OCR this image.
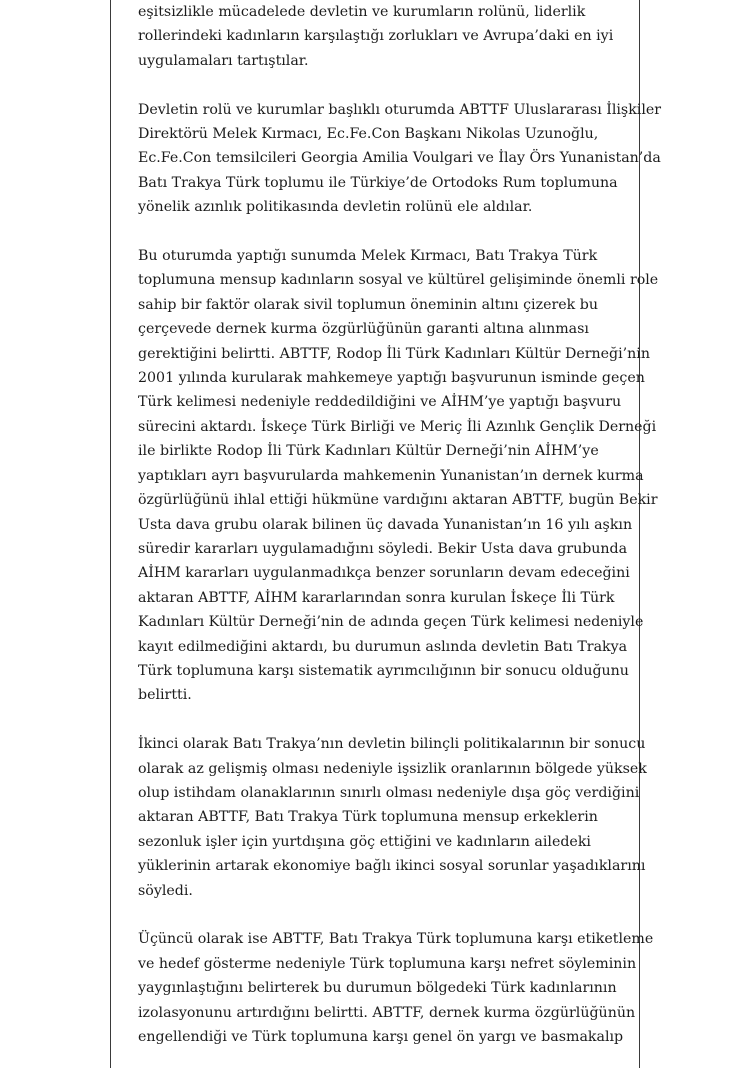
eşitsizlikle mücadelede devletin ve kurumların rolünü, liderlik
rollerindeki kadınların karşılaştığı zorlukları ve Avrupa’daki en iyi
uygulamaları tartıştılar.

Devletin rolü ve kurumlar başlıklı oturumda ABTTF Uluslararası İlişkiler
Direktörü Melek Kırmacı, Ec.Fe.Con Başkanı Nikolas Uzunoğlu,
Ec.Fe.Con temsilcileri Georgia Amilia Voulgari ve İlay Örs Yunanistan’da
Batı Trakya Türk toplumu ile Türkiye’de Ortodoks Rum toplumuna
yönelik azınlık politikasında devletin rolünü ele aldılar.

Bu oturumda yaptığı sunumda Melek Kırmacı, Batı Trakya Türk
toplumuna mensup kadınların sosyal ve kültürel gelişiminde önemli role
sahip bir faktör olarak sivil toplumun öneminin altını çizerek bu
çerçevede dernek kurma özgürlüğünün garanti altına alınması
gerektiğini belirtti. ABTTF, Rodop İli Türk Kadınları Kültür Derneği’nin
2001 yılında kurularak mahkemeye yaptığı başvurunun isminde geçen
Türk kelimesi nedeniyle reddedildiğini ve AİHM’ye yaptığı başvuru
sürecini aktardı. İskeçe Türk Birliği ve Meriç İli Azınlık Gençlik Derneği
ile birlikte Rodop İli Türk Kadınları Kültür Derneği’nin AİHM’ye
yaptıkları ayrı başvurularda mahkemenin Yunanistan’ın dernek kurma
özgürlüğünü ihlal ettiği hükmüne vardığını aktaran ABTTF, bugün Bekir
Usta dava grubu olarak bilinen üç davada Yunanistan’ın 16 yılı aşkın
süredir kararları uygulamadığını söyledi. Bekir Usta dava grubunda
AİHM kararları uygulanmadıkça benzer sorunların devam edeceğini
aktaran ABTTF, AİHM kararlarından sonra kurulan İskeçe İli Türk
Kadınları Kültür Derneği’nin de adında geçen Türk kelimesi nedeniyle
kayıt edilmediğini aktardı, bu durumun aslında devletin Batı Trakya
Türk toplumuna karşı sistematik ayrımcılığının bir sonucu olduğunu
belirtti.

İkinci olarak Batı Trakya’nın devletin bilinçli politikalarının bir sonucu
olarak az gelişmiş olması nedeniyle işsizlik oranlarının bölgede yüksek
olup istihdam olanaklarının sınırlı olması nedeniyle dışa göç verdiğini
aktaran ABTTF, Batı Trakya Türk toplumuna mensup erkeklerin
sezonluk işler için yurtdışına göç ettiğini ve kadınların ailedeki
yüklerinin artarak ekonomiye bağlı ikinci sosyal sorunlar yaşadıklarını
söyledi.

Üçüncü olarak ise ABTTF, Batı Trakya Türk toplumuna karşı etiketleme
ve hedef gösterme nedeniyle Türk toplumuna karşı nefret söyleminin
yaygınlaştığını belirterek bu durumun bölgedeki Türk kadınlarının
izolasyonunu artırdığını belirtti. ABTTF, dernek kurma özgürlüğünün
engellendiği ve Türk toplumuna karşı genel ön yargı ve basmakalıp
